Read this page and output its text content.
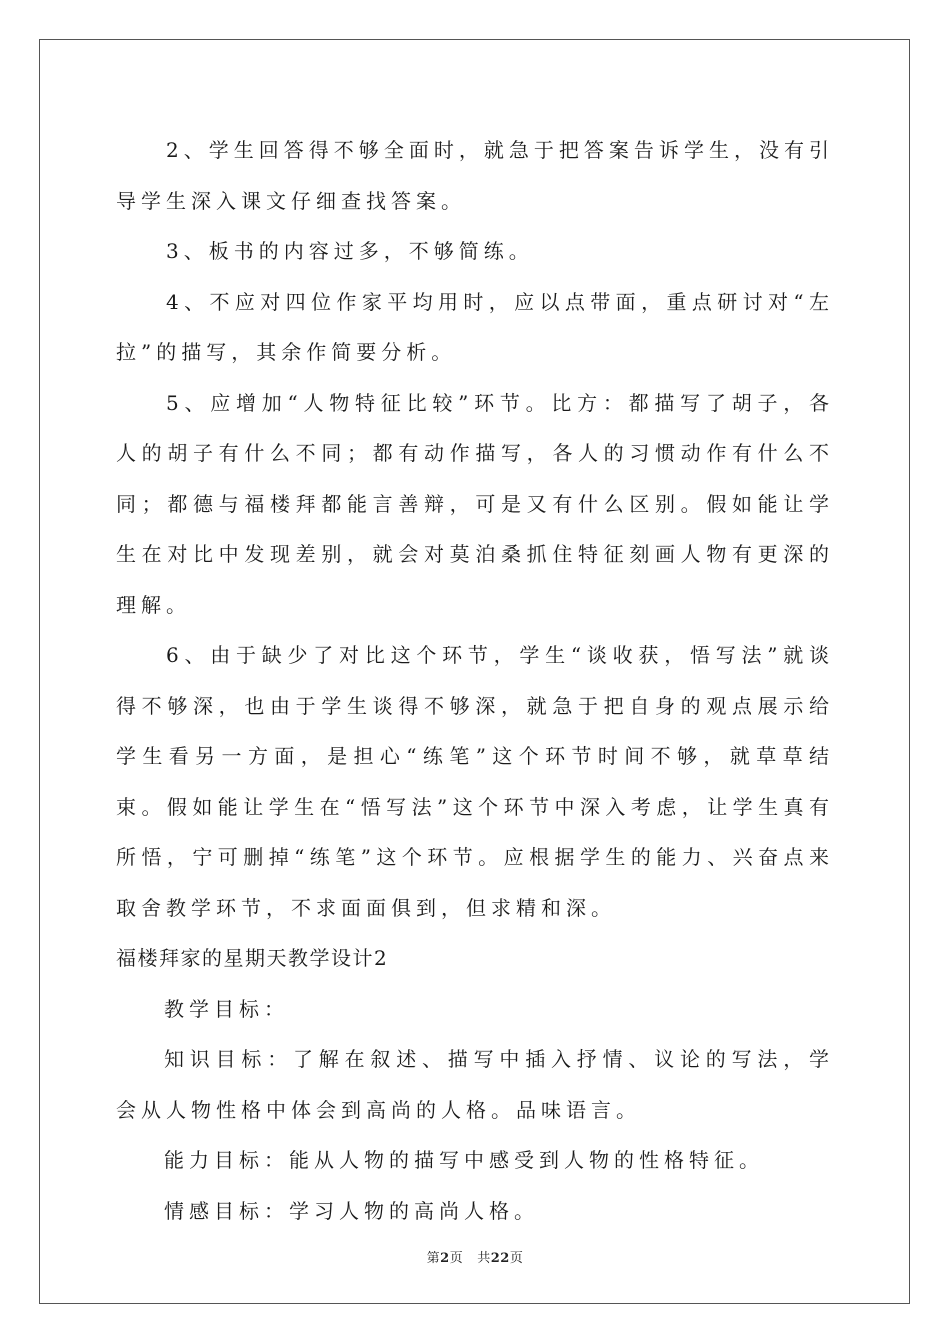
2、学生回答得不够全面时，就急于把答案告诉学生，没有引导学生深入课文仔细查找答案。

3、板书的内容过多，不够简练。

4、不应对四位作家平均用时，应以点带面，重点研讨对“左拉”的描写，其余作简要分析。

5、应增加“人物特征比较”环节。比方：都描写了胡子，各人的胡子有什么不同；都有动作描写，各人的习惯动作有什么不同；都德与福楼拜都能言善辩，可是又有什么区别。假如能让学生在对比中发现差别，就会对莫泊桑抓住特征刻画人物有更深的理解。

6、由于缺少了对比这个环节，学生“谈收获，悟写法”就谈得不够深，也由于学生谈得不够深，就急于把自身的观点展示给学生看另一方面，是担心“练笔”这个环节时间不够，就草草结束。假如能让学生在“悟写法”这个环节中深入考虑，让学生真有所悟，宁可删掉“练笔”这个环节。应根据学生的能力、兴奋点来取舍教学环节，不求面面俱到，但求精和深。

福楼拜家的星期天教学设计2

教学目标：

知识目标：了解在叙述、描写中插入抒情、议论的写法，学会从人物性格中体会到高尚的人格。品味语言。

能力目标：能从人物的描写中感受到人物的性格特征。

情感目标：学习人物的高尚人格。

第2页 共22页
